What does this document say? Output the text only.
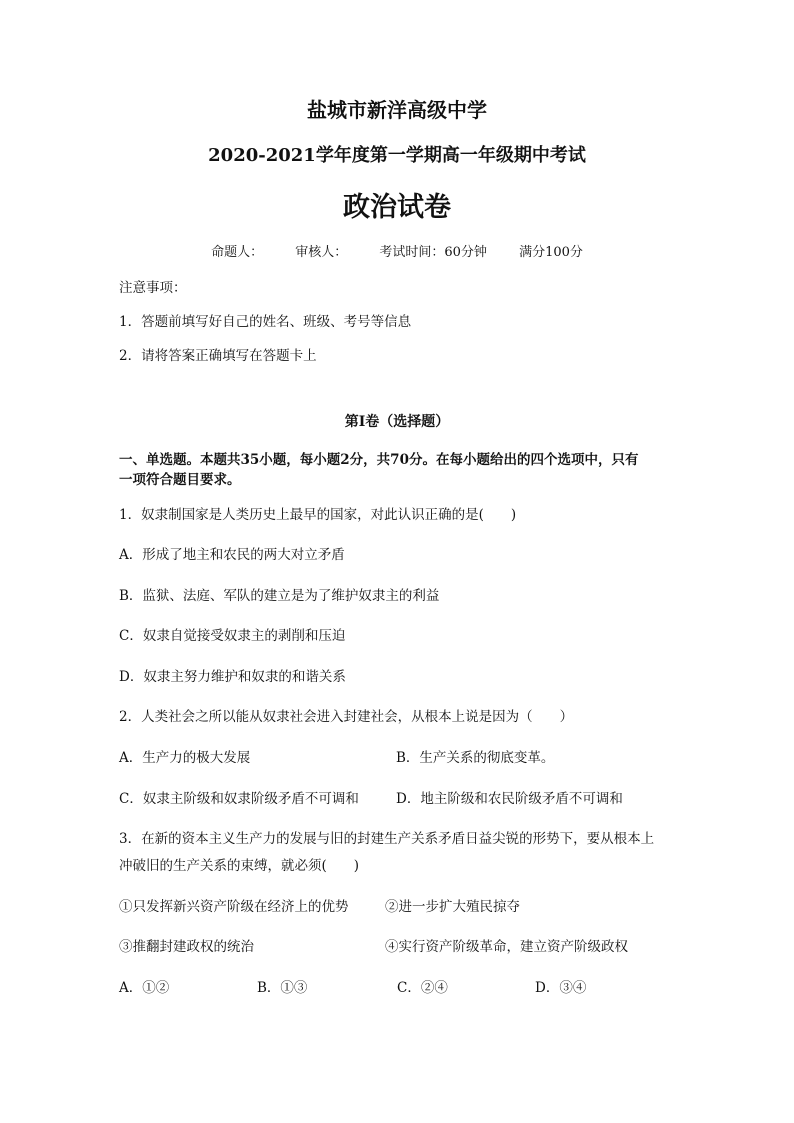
盐城市新洋高级中学
2020-2021学年度第一学期高一年级期中考试
政治试卷
命题人： 审核人： 考试时间：60分钟 满分100分
注意事项：
1．答题前填写好自己的姓名、班级、考号等信息
2．请将答案正确填写在答题卡上
第I卷（选择题）
一、单选题。本题共35小题，每小题2分，共70分。在每小题给出的四个选项中，只有
一项符合题目要求。
1．奴隶制国家是人类历史上最早的国家，对此认识正确的是(　　)
A．形成了地主和农民的两大对立矛盾
B．监狱、法庭、军队的建立是为了维护奴隶主的利益
C．奴隶自觉接受奴隶主的剥削和压迫
D．奴隶主努力维护和奴隶的和谐关系
2．人类社会之所以能从奴隶社会进入封建社会，从根本上说是因为（　　）
A．生产力的极大发展	B．生产关系的彻底变革。
C．奴隶主阶级和奴隶阶级矛盾不可调和	D．地主阶级和农民阶级矛盾不可调和
3．在新的资本主义生产力的发展与旧的封建生产关系矛盾日益尖锐的形势下，要从根本上
冲破旧的生产关系的束缚，就必须(　　)
①只发挥新兴资产阶级在经济上的优势	②进一步扩大殖民掠夺
③推翻封建政权的统治	④实行资产阶级革命，建立资产阶级政权
A．①②	B．①③	C．②④	D．③④
